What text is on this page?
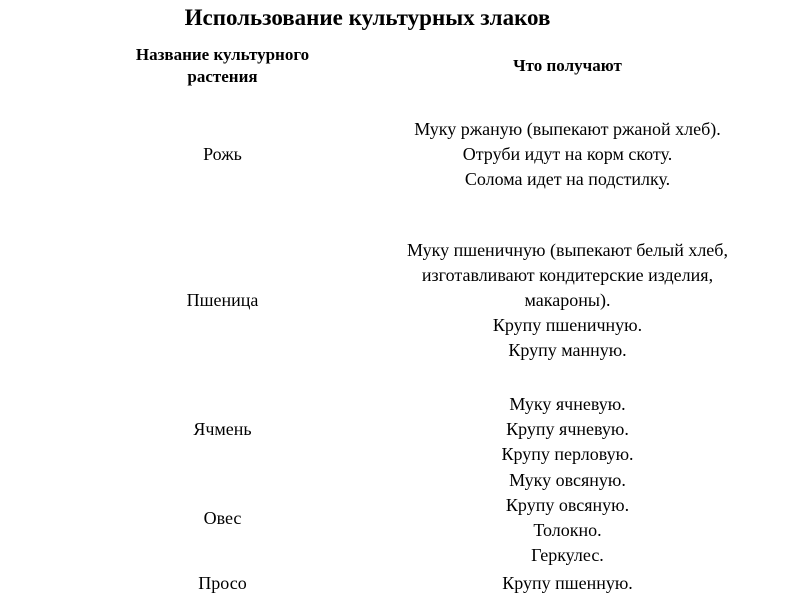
Использование культурных злаков
Название культурного растения
Что получают
Рожь
Муку ржаную (выпекают ржаной хлеб).
Отруби идут на корм скоту.
Солома идет на подстилку.
Пшеница
Муку пшеничную (выпекают белый хлеб, изготавливают кондитерские изделия, макароны).
Крупу пшеничную.
Крупу манную.
Ячмень
Муку ячневую.
Крупу ячневую.
Крупу перловую.
Овес
Муку овсяную.
Крупу овсяную.
Толокно.
Геркулес.
Просо	Крупу пшенную.
